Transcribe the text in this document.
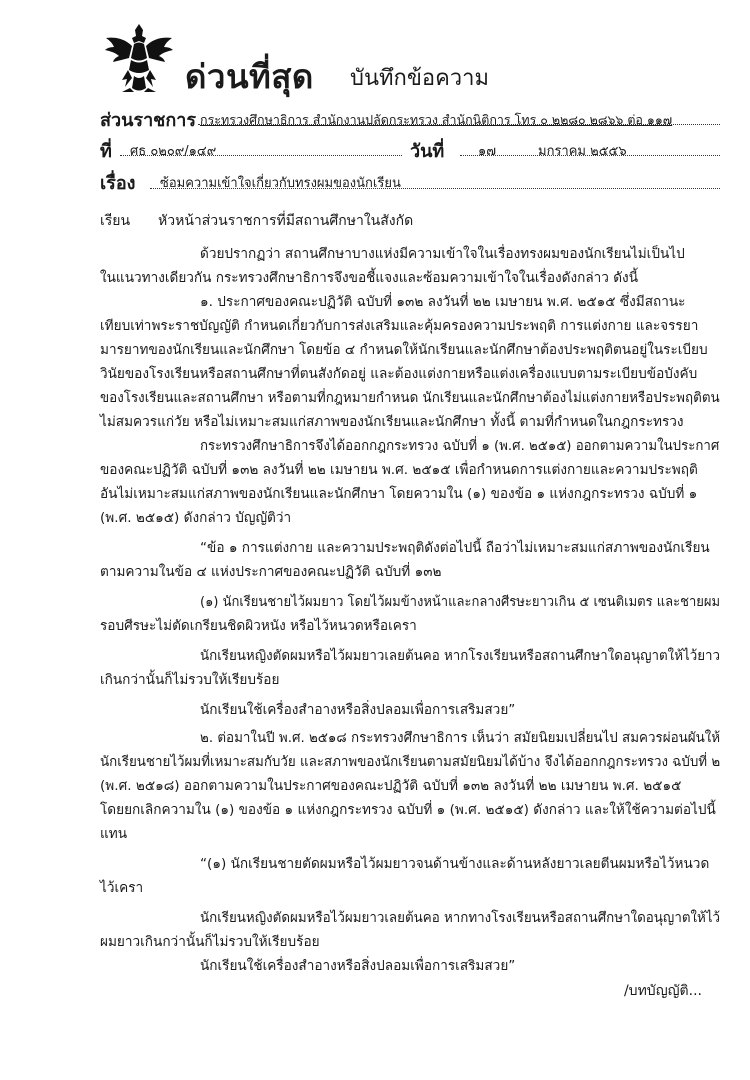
ด่วนที่สุด บันทึกข้อความ
ส่วนราชการ กระทรวงศึกษาธิการ สำนักงานปลัดกระทรวง สำนักนิติการ โทร ๐ ๒๒๘๐ ๒๘๖๖ ต่อ ๑๑๗
ที่ ศธ ๐๒๐๙/๑๔๙	วันที่	๑๗	มกราคม ๒๕๕๖
เรื่อง ซ้อมความเข้าใจเกี่ยวกับทรงผมของนักเรียน
เรียน หัวหน้าส่วนราชการที่มีสถานศึกษาในสังกัด
ด้วยปรากฏว่า สถานศึกษาบางแห่งมีความเข้าใจในเรื่องทรงผมของนักเรียนไม่เป็นไป
ในแนวทางเดียวกัน กระทรวงศึกษาธิการจึงขอชี้แจงและซ้อมความเข้าใจในเรื่องดังกล่าว ดังนี้
๑. ประกาศของคณะปฏิวัติ ฉบับที่ ๑๓๒ ลงวันที่ ๒๒ เมษายน พ.ศ. ๒๕๑๕ ซึ่งมีสถานะ
เทียบเท่าพระราชบัญญัติ กำหนดเกี่ยวกับการส่งเสริมและคุ้มครองความประพฤติ การแต่งกาย และจรรยา
มารยาทของนักเรียนและนักศึกษา โดยข้อ ๔ กำหนดให้นักเรียนและนักศึกษาต้องประพฤติตนอยู่ในระเบียบ
วินัยของโรงเรียนหรือสถานศึกษาที่ตนสังกัดอยู่ และต้องแต่งกายหรือแต่งเครื่องแบบตามระเบียบข้อบังคับ
ของโรงเรียนและสถานศึกษา หรือตามที่กฎหมายกำหนด นักเรียนและนักศึกษาต้องไม่แต่งกายหรือประพฤติตน
ไม่สมควรแก่วัย หรือไม่เหมาะสมแก่สภาพของนักเรียนและนักศึกษา ทั้งนี้ ตามที่กำหนดในกฎกระทรวง
กระทรวงศึกษาธิการจึงได้ออกกฎกระทรวง ฉบับที่ ๑ (พ.ศ. ๒๕๑๕) ออกตามความในประกาศ
ของคณะปฏิวัติ ฉบับที่ ๑๓๒ ลงวันที่ ๒๒ เมษายน พ.ศ. ๒๕๑๕ เพื่อกำหนดการแต่งกายและความประพฤติ
อันไม่เหมาะสมแก่สภาพของนักเรียนและนักศึกษา โดยความใน (๑) ของข้อ ๑ แห่งกฎกระทรวง ฉบับที่ ๑
(พ.ศ. ๒๕๑๕) ดังกล่าว บัญญัติว่า
“ข้อ ๑ การแต่งกาย และความประพฤติดังต่อไปนี้ ถือว่าไม่เหมาะสมแก่สภาพของนักเรียน
ตามความในข้อ ๔ แห่งประกาศของคณะปฏิวัติ ฉบับที่ ๑๓๒
(๑) นักเรียนชายไว้ผมยาว โดยไว้ผมข้างหน้าและกลางศีรษะยาวเกิน ๕ เซนติเมตร และชายผม
รอบศีรษะไม่ตัดเกรียนชิดผิวหนัง หรือไว้หนวดหรือเครา
นักเรียนหญิงตัดผมหรือไว้ผมยาวเลยต้นคอ หากโรงเรียนหรือสถานศึกษาใดอนุญาตให้ไว้ยาว
เกินกว่านั้นก็ไม่รวบให้เรียบร้อย
นักเรียนใช้เครื่องสำอางหรือสิ่งปลอมเพื่อการเสริมสวย”
๒. ต่อมาในปี พ.ศ. ๒๕๑๘ กระทรวงศึกษาธิการ เห็นว่า สมัยนิยมเปลี่ยนไป สมควรผ่อนผันให้
นักเรียนชายไว้ผมที่เหมาะสมกับวัย และสภาพของนักเรียนตามสมัยนิยมได้บ้าง จึงได้ออกกฎกระทรวง ฉบับที่ ๒
(พ.ศ. ๒๕๑๘) ออกตามความในประกาศของคณะปฏิวัติ ฉบับที่ ๑๓๒ ลงวันที่ ๒๒ เมษายน พ.ศ. ๒๕๑๕
โดยยกเลิกความใน (๑) ของข้อ ๑ แห่งกฎกระทรวง ฉบับที่ ๑ (พ.ศ. ๒๕๑๕) ดังกล่าว และให้ใช้ความต่อไปนี้
แทน
“(๑) นักเรียนชายตัดผมหรือไว้ผมยาวจนด้านข้างและด้านหลังยาวเลยตีนผมหรือไว้หนวด
ไว้เครา
นักเรียนหญิงตัดผมหรือไว้ผมยาวเลยต้นคอ หากทางโรงเรียนหรือสถานศึกษาใดอนุญาตให้ไว้
ผมยาวเกินกว่านั้นก็ไม่รวบให้เรียบร้อย
นักเรียนใช้เครื่องสำอางหรือสิ่งปลอมเพื่อการเสริมสวย”
/บทบัญญัติ...
